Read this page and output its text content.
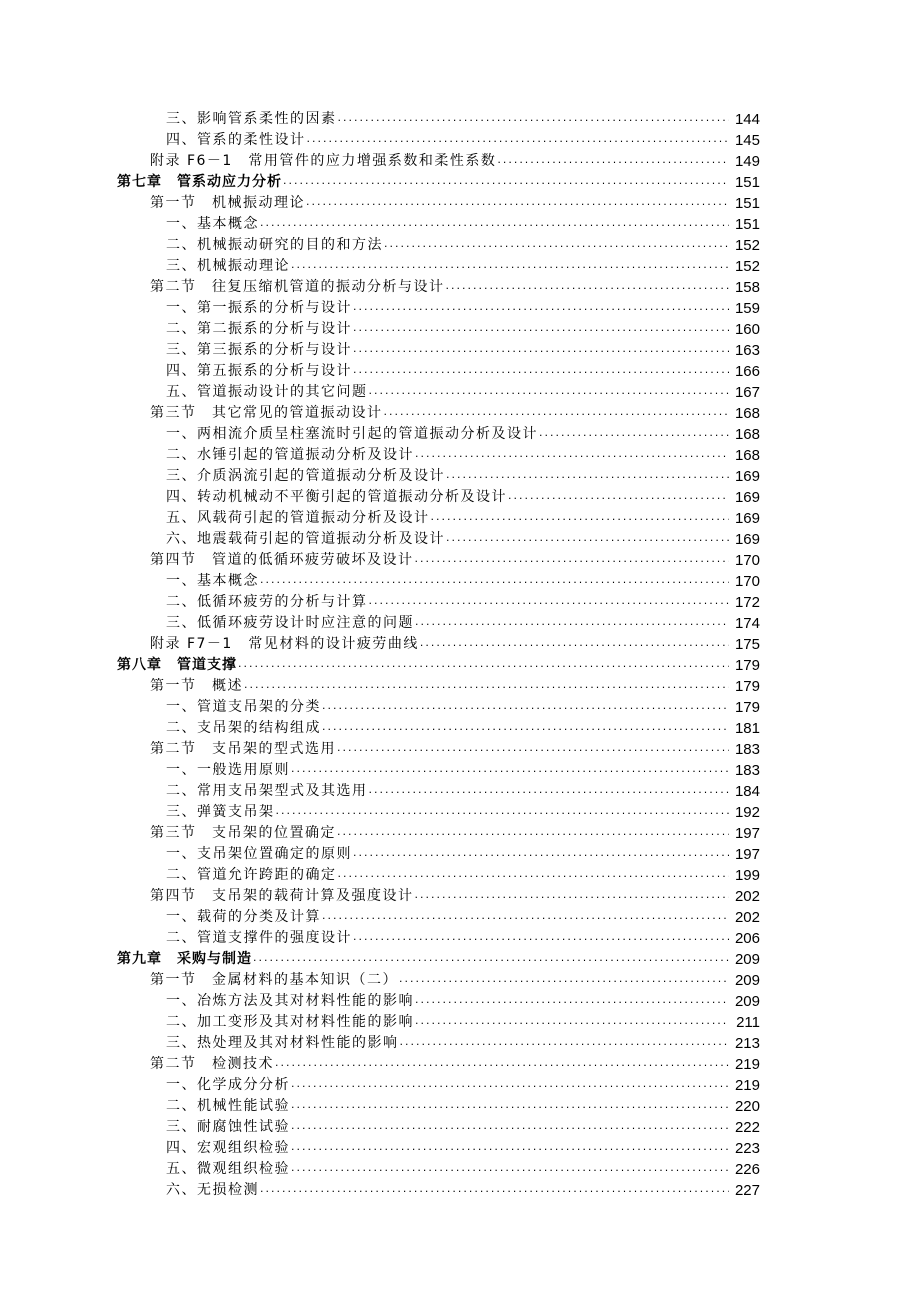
三、影响管系柔性的因素 ·····	144
四、管系的柔性设计 ·····	145
附录 F6－1　常用管件的应力增强系数和柔性系数 ·····	149
第七章　管系动应力分析 ·····	151
第一节　机械振动理论 ·····	151
一、基本概念 ·····	151
二、机械振动研究的目的和方法 ·····	152
三、机械振动理论 ·····	152
第二节　往复压缩机管道的振动分析与设计 ·····	158
一、第一振系的分析与设计 ·····	159
二、第二振系的分析与设计 ·····	160
三、第三振系的分析与设计 ·····	163
四、第五振系的分析与设计 ·····	166
五、管道振动设计的其它问题 ·····	167
第三节　其它常见的管道振动设计 ·····	168
一、两相流介质呈柱塞流时引起的管道振动分析及设计 ·····	168
二、水锤引起的管道振动分析及设计 ·····	168
三、介质涡流引起的管道振动分析及设计 ·····	169
四、转动机械动不平衡引起的管道振动分析及设计 ·····	169
五、风载荷引起的管道振动分析及设计 ·····	169
六、地震载荷引起的管道振动分析及设计 ·····	169
第四节　管道的低循环疲劳破坏及设计 ·····	170
一、基本概念 ·····	170
二、低循环疲劳的分析与计算 ·····	172
三、低循环疲劳设计时应注意的问题 ·····	174
附录 F7－1　常见材料的设计疲劳曲线 ·····	175
第八章　管道支撑 ·····	179
第一节　概述 ·····	179
一、管道支吊架的分类 ·····	179
二、支吊架的结构组成 ·····	181
第二节　支吊架的型式选用 ·····	183
一、一般选用原则 ·····	183
二、常用支吊架型式及其选用 ·····	184
三、弹簧支吊架 ·····	192
第三节　支吊架的位置确定 ·····	197
一、支吊架位置确定的原则 ·····	197
二、管道允许跨距的确定 ·····	199
第四节　支吊架的载荷计算及强度设计 ·····	202
一、载荷的分类及计算 ·····	202
二、管道支撑件的强度设计 ·····	206
第九章　采购与制造 ·····	209
第一节　金属材料的基本知识（二） ·····	209
一、冶炼方法及其对材料性能的影响 ·····	209
二、加工变形及其对材料性能的影响 ·····	211
三、热处理及其对材料性能的影响 ·····	213
第二节　检测技术 ·····	219
一、化学成分分析 ·····	219
二、机械性能试验 ·····	220
三、耐腐蚀性试验 ·····	222
四、宏观组织检验 ·····	223
五、微观组织检验 ·····	226
六、无损检测 ·····	227
